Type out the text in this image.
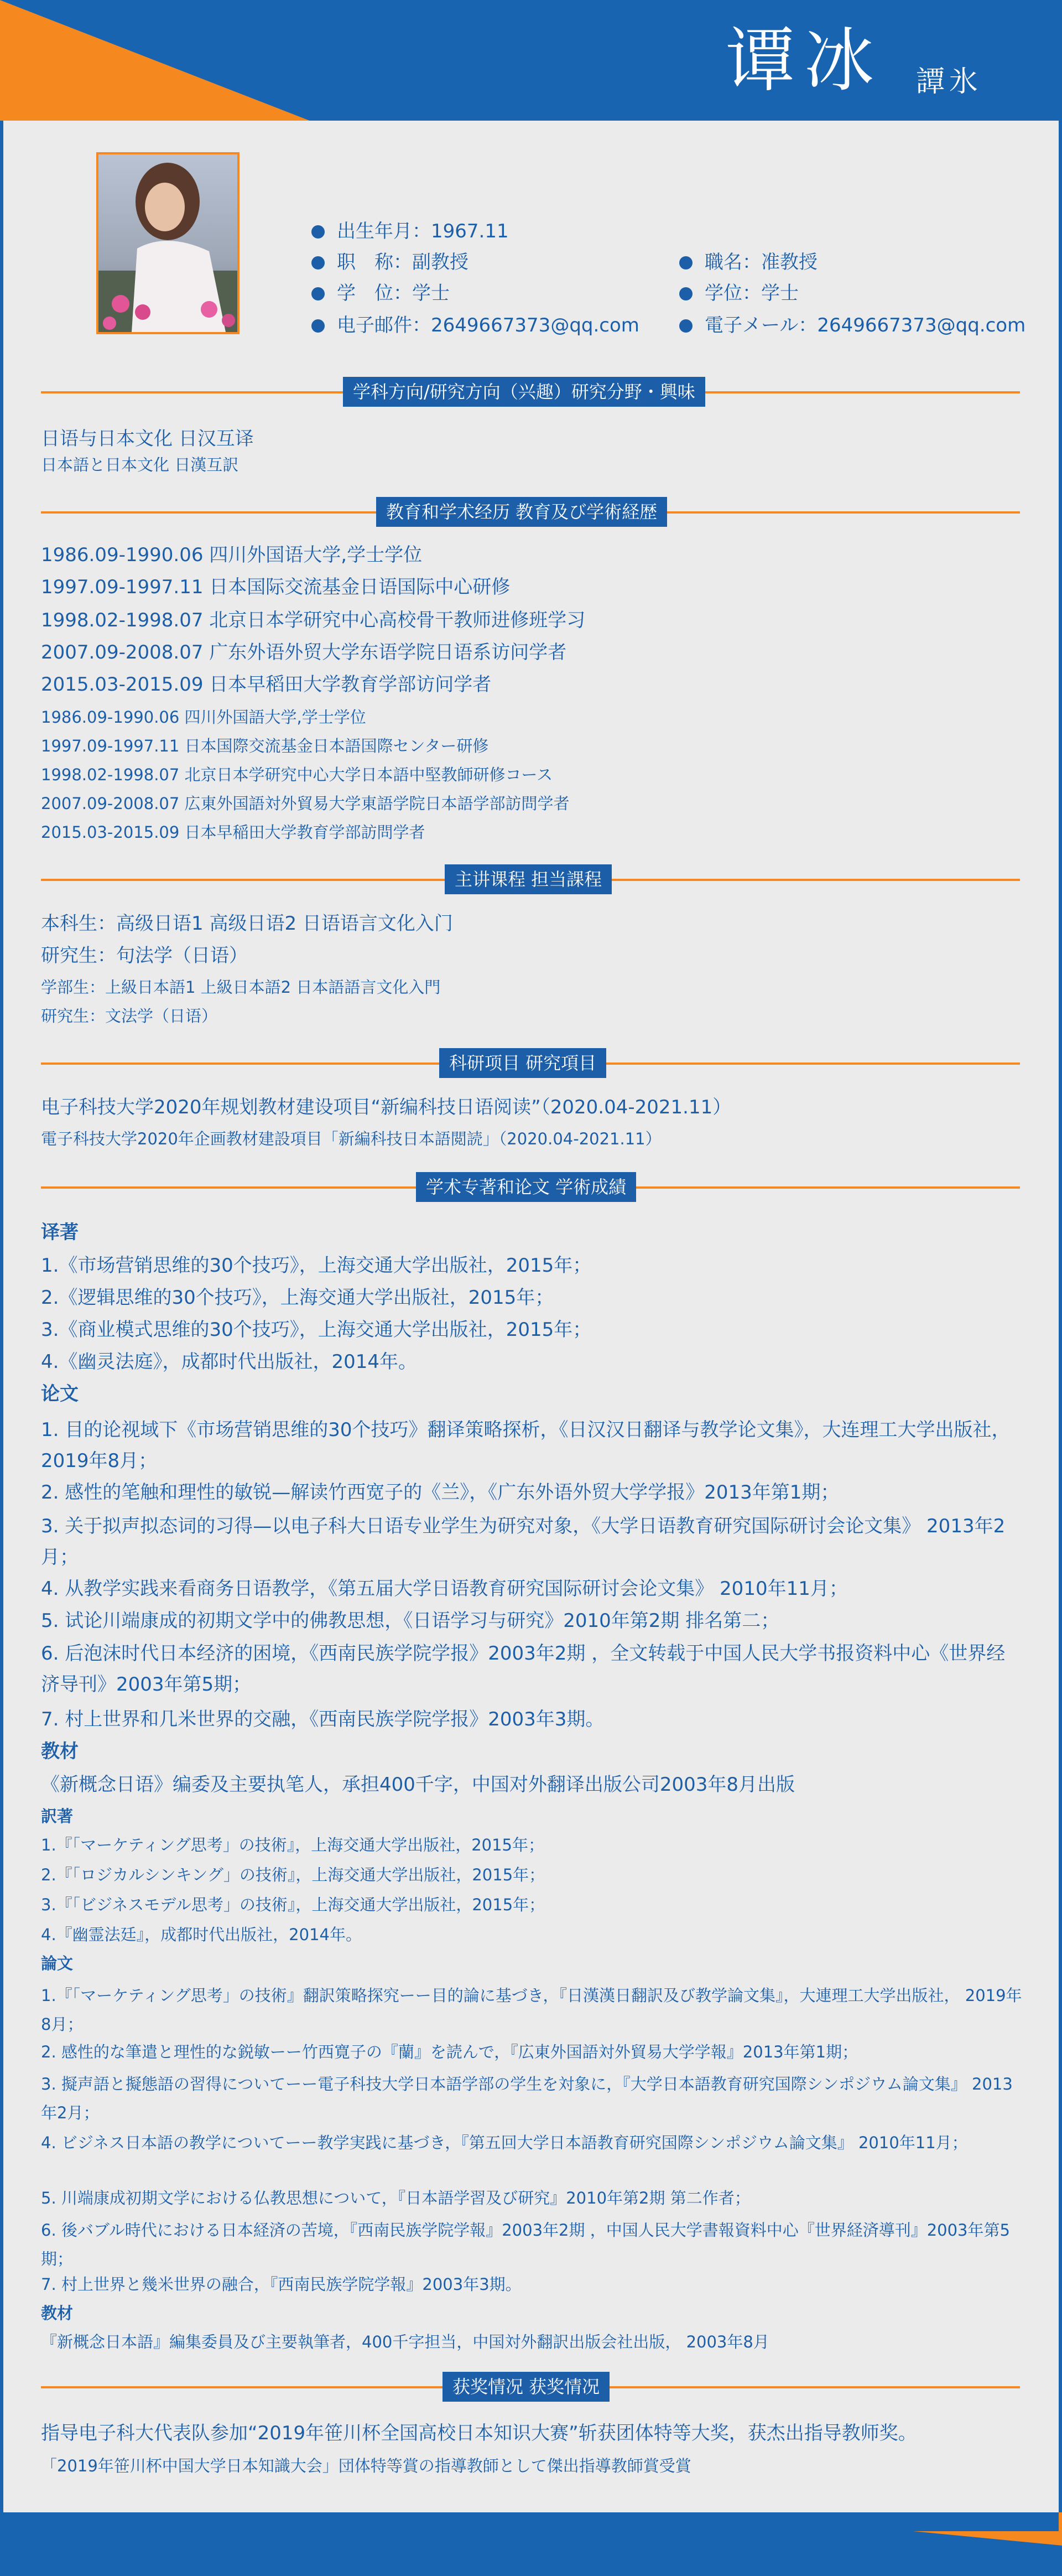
谭冰 譚氷
出生年月：1967.11
职　称：副教授
学　位：学士
电子邮件：2649667373@qq.com
職名：准教授
学位：学士
電子メール：2649667373@qq.com
学科方向/研究方向（兴趣）研究分野・興味
日语与日本文化 日汉互译
日本語と日本文化 日漢互訳
教育和学术经历 教育及び学術経歴
1986.09-1990.06 四川外国语大学,学士学位
1997.09-1997.11 日本国际交流基金日语国际中心研修
1998.02-1998.07 北京日本学研究中心高校骨干教师进修班学习
2007.09-2008.07 广东外语外贸大学东语学院日语系访问学者
2015.03-2015.09 日本早稻田大学教育学部访问学者
1986.09-1990.06 四川外国語大学,学士学位
1997.09-1997.11 日本国際交流基金日本語国際センター研修
1998.02-1998.07 北京日本学研究中心大学日本語中堅教師研修コース
2007.09-2008.07 広東外国語対外貿易大学東語学院日本語学部訪問学者
2015.03-2015.09 日本早稲田大学教育学部訪問学者
主讲课程 担当課程
本科生：高级日语1 高级日语2 日语语言文化入门
研究生：句法学（日语）
学部生：上級日本語1 上級日本語2 日本語語言文化入門
研究生：文法学（日语）
科研项目 研究項目
电子科技大学2020年规划教材建设项目“新编科技日语阅读”（2020.04-2021.11）
電子科技大学2020年企画教材建設項目「新編科技日本語閲読」（2020.04-2021.11）
学术专著和论文 学術成績
译著
1.《市场营销思维的30个技巧》，上海交通大学出版社，2015年；
2.《逻辑思维的30个技巧》，上海交通大学出版社，2015年；
3.《商业模式思维的30个技巧》，上海交通大学出版社，2015年；
4.《幽灵法庭》，成都时代出版社，2014年。
论文
1. 目的论视域下《市场营销思维的30个技巧》翻译策略探析，《日汉汉日翻译与教学论文集》，大连理工大学出版社， 2019年8月；
2. 感性的笔触和理性的敏锐—解读竹西宽子的《兰》，《广东外语外贸大学学报》2013年第1期；
3. 关于拟声拟态词的习得—以电子科大日语专业学生为研究对象，《大学日语教育研究国际研讨会论文集》 2013年2月；
4. 从教学实践来看商务日语教学，《第五届大学日语教育研究国际研讨会论文集》 2010年11月；
5. 试论川端康成的初期文学中的佛教思想，《日语学习与研究》2010年第2期 排名第二；
6. 后泡沫时代日本经济的困境，《西南民族学院学报》2003年2期 ，全文转载于中国人民大学书报资料中心《世界经济导刊》2003年第5期；
7. 村上世界和几米世界的交融，《西南民族学院学报》2003年3期。
教材
《新概念日语》编委及主要执笔人，承担400千字，中国对外翻译出版公司2003年8月出版
訳著
1.『「マーケティング思考」の技術』，上海交通大学出版社，2015年；
2.『「ロジカルシンキング」の技術』，上海交通大学出版社，2015年；
3.『「ビジネスモデル思考」の技術』，上海交通大学出版社，2015年；
4.『幽霊法廷』，成都时代出版社，2014年。
論文
1.『「マーケティング思考」の技術』翻訳策略探究ーー目的論に基づき，『日漢漢日翻訳及び教学論文集』，大連理工大学出版社， 2019年8月；
2. 感性的な筆遣と理性的な鋭敏ーー竹西寛子の『蘭』を読んで，『広東外国語対外貿易大学学報』2013年第1期；
3. 擬声語と擬態語の習得についてーー電子科技大学日本語学部の学生を対象に，『大学日本語教育研究国際シンポジウム論文集』 2013年2月；
4. ビジネス日本語の教学についてーー教学実践に基づき，『第五回大学日本語教育研究国際シンポジウム論文集』 2010年11月；
5. 川端康成初期文学における仏教思想について，『日本語学習及び研究』2010年第2期 第二作者；
6. 後バブル時代における日本経済の苦境，『西南民族学院学報』2003年2期 ，中国人民大学書報資料中心『世界経済導刊』2003年第5期；
7. 村上世界と幾米世界の融合，『西南民族学院学報』2003年3期。
教材
『新概念日本語』編集委員及び主要執筆者，400千字担当，中国対外翻訳出版会社出版， 2003年8月
获奖情况 获奖情况
指导电子科大代表队参加“2019年笹川杯全国高校日本知识大赛”斩获团体特等大奖，获杰出指导教师奖。
「2019年笹川杯中国大学日本知識大会」団体特等賞の指導教師として傑出指導教師賞受賞
